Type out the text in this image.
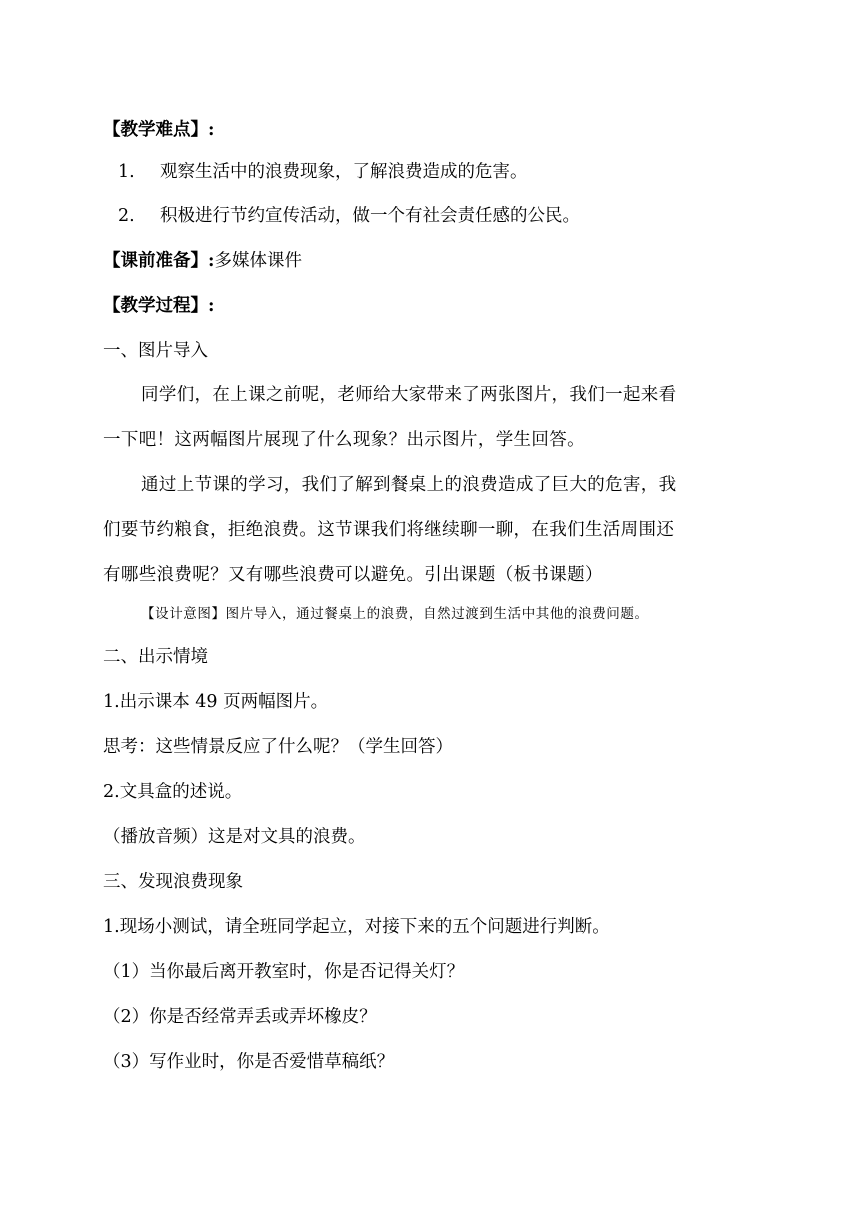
【教学难点】:
1. 观察生活中的浪费现象，了解浪费造成的危害。
2. 积极进行节约宣传活动，做一个有社会责任感的公民。
【课前准备】:多媒体课件
【教学过程】:
一、图片导入
同学们，在上课之前呢，老师给大家带来了两张图片，我们一起来看
一下吧！这两幅图片展现了什么现象？出示图片，学生回答。
通过上节课的学习，我们了解到餐桌上的浪费造成了巨大的危害，我
们要节约粮食，拒绝浪费。这节课我们将继续聊一聊，在我们生活周围还
有哪些浪费呢？又有哪些浪费可以避免。引出课题（板书课题）
【设计意图】图片导入，通过餐桌上的浪费，自然过渡到生活中其他的浪费问题。
二、出示情境
1.出示课本 49 页两幅图片。
思考：这些情景反应了什么呢？（学生回答）
2.文具盒的述说。
（播放音频）这是对文具的浪费。
三、发现浪费现象
1.现场小测试，请全班同学起立，对接下来的五个问题进行判断。
（1）当你最后离开教室时，你是否记得关灯？
（2）你是否经常弄丢或弄坏橡皮？
（3）写作业时，你是否爱惜草稿纸？
